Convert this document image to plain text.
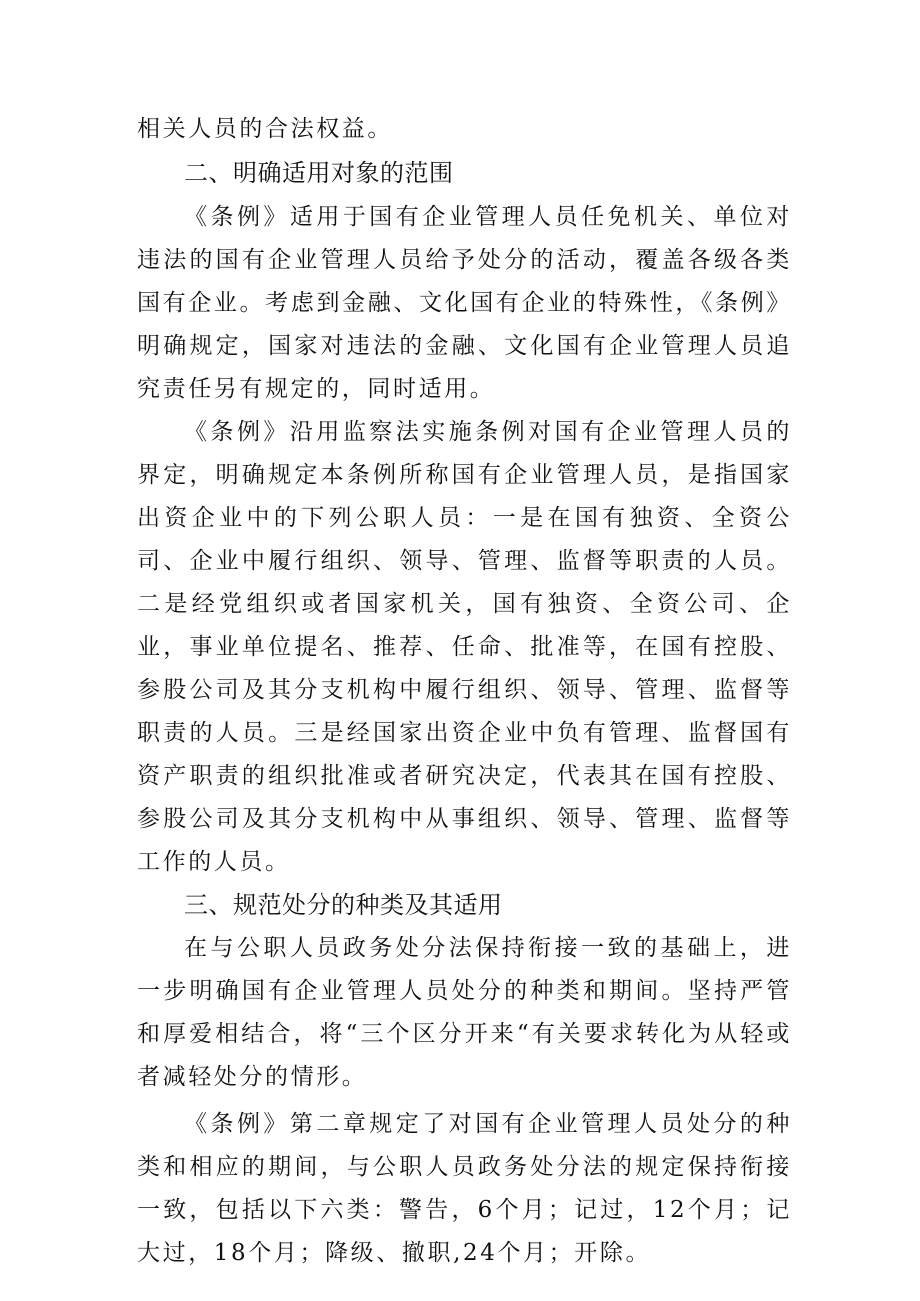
相关人员的合法权益。

二、明确适用对象的范围

《条例》适用于国有企业管理人员任免机关、单位对违法的国有企业管理人员给予处分的活动，覆盖各级各类国有企业。考虑到金融、文化国有企业的特殊性，《条例》明确规定，国家对违法的金融、文化国有企业管理人员追究责任另有规定的，同时适用。

《条例》沿用监察法实施条例对国有企业管理人员的界定，明确规定本条例所称国有企业管理人员，是指国家出资企业中的下列公职人员：一是在国有独资、全资公司、企业中履行组织、领导、管理、监督等职责的人员。二是经党组织或者国家机关，国有独资、全资公司、企业，事业单位提名、推荐、任命、批准等，在国有控股、参股公司及其分支机构中履行组织、领导、管理、监督等职责的人员。三是经国家出资企业中负有管理、监督国有资产职责的组织批准或者研究决定，代表其在国有控股、参股公司及其分支机构中从事组织、领导、管理、监督等工作的人员。

三、规范处分的种类及其适用

在与公职人员政务处分法保持衔接一致的基础上，进一步明确国有企业管理人员处分的种类和期间。坚持严管和厚爱相结合，将“三个区分开来“有关要求转化为从轻或者减轻处分的情形。

《条例》第二章规定了对国有企业管理人员处分的种类和相应的期间，与公职人员政务处分法的规定保持衔接一致，包括以下六类：警告，6个月；记过，12个月；记大过，18个月；降级、撤职,24个月；开除。
